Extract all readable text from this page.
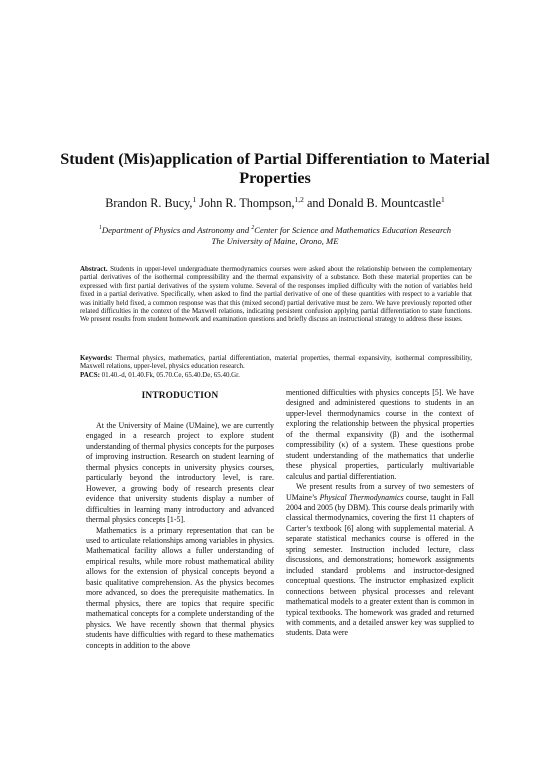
Student (Mis)application of Partial Differentiation to Material Properties
Brandon R. Bucy,$^1$ John R. Thompson,$^{1,2}$ and Donald B. Mountcastle$^1$
$^1$Department of Physics and Astronomy and $^2$Center for Science and Mathematics Education Research
The University of Maine, Orono, ME
Abstract. Students in upper-level undergraduate thermodynamics courses were asked about the relationship between the complementary partial derivatives of the isothermal compressibility and the thermal expansivity of a substance. Both these material properties can be expressed with first partial derivatives of the system volume. Several of the responses implied difficulty with the notion of variables held fixed in a partial derivative. Specifically, when asked to find the partial derivative of one of these quantities with respect to a variable that was initially held fixed, a common response was that this (mixed second) partial derivative must be zero. We have previously reported other related difficulties in the context of the Maxwell relations, indicating persistent confusion applying partial differentiation to state functions. We present results from student homework and examination questions and briefly discuss an instructional strategy to address these issues.
Keywords: Thermal physics, mathematics, partial differentiation, material properties, thermal expansivity, isothermal compressibility, Maxwell relations, upper-level, physics education research.
PACS: 01.40.-d, 01.40.Fk, 05.70.Ce, 65.40.De, 65.40.Gr.
INTRODUCTION

At the University of Maine (UMaine), we are currently engaged in a research project to explore student understanding of thermal physics concepts for the purposes of improving instruction. Research on student learning of thermal physics concepts in university physics courses, particularly beyond the introductory level, is rare. However, a growing body of research presents clear evidence that university students display a number of difficulties in learning many introductory and advanced thermal physics concepts [1-5].

Mathematics is a primary representation that can be used to articulate relationships among variables in physics. Mathematical facility allows a fuller understanding of empirical results, while more robust mathematical ability allows for the extension of physical concepts beyond a basic qualitative comprehension. As the physics becomes more advanced, so does the prerequisite mathematics. In thermal physics, there are topics that require specific mathematical concepts for a complete understanding of the physics. We have recently shown that thermal physics students have difficulties with regard to these mathematics concepts in addition to the above

mentioned difficulties with physics concepts [5]. We have designed and administered questions to students in an upper-level thermodynamics course in the context of exploring the relationship between the physical properties of the thermal expansivity (β) and the isothermal compressibility (κ) of a system. These questions probe student understanding of the mathematics that underlie these physical properties, particularly multivariable calculus and partial differentiation.

We present results from a survey of two semesters of UMaine’s Physical Thermodynamics course, taught in Fall 2004 and 2005 (by DBM). This course deals primarily with classical thermodynamics, covering the first 11 chapters of Carter’s textbook [6] along with supplemental material. A separate statistical mechanics course is offered in the spring semester. Instruction included lecture, class discussions, and demonstrations; homework assignments included standard problems and instructor-designed conceptual questions. The instructor emphasized explicit connections between physical processes and relevant mathematical models to a greater extent than is common in typical textbooks. The homework was graded and returned with comments, and a detailed answer key was supplied to students. Data were
